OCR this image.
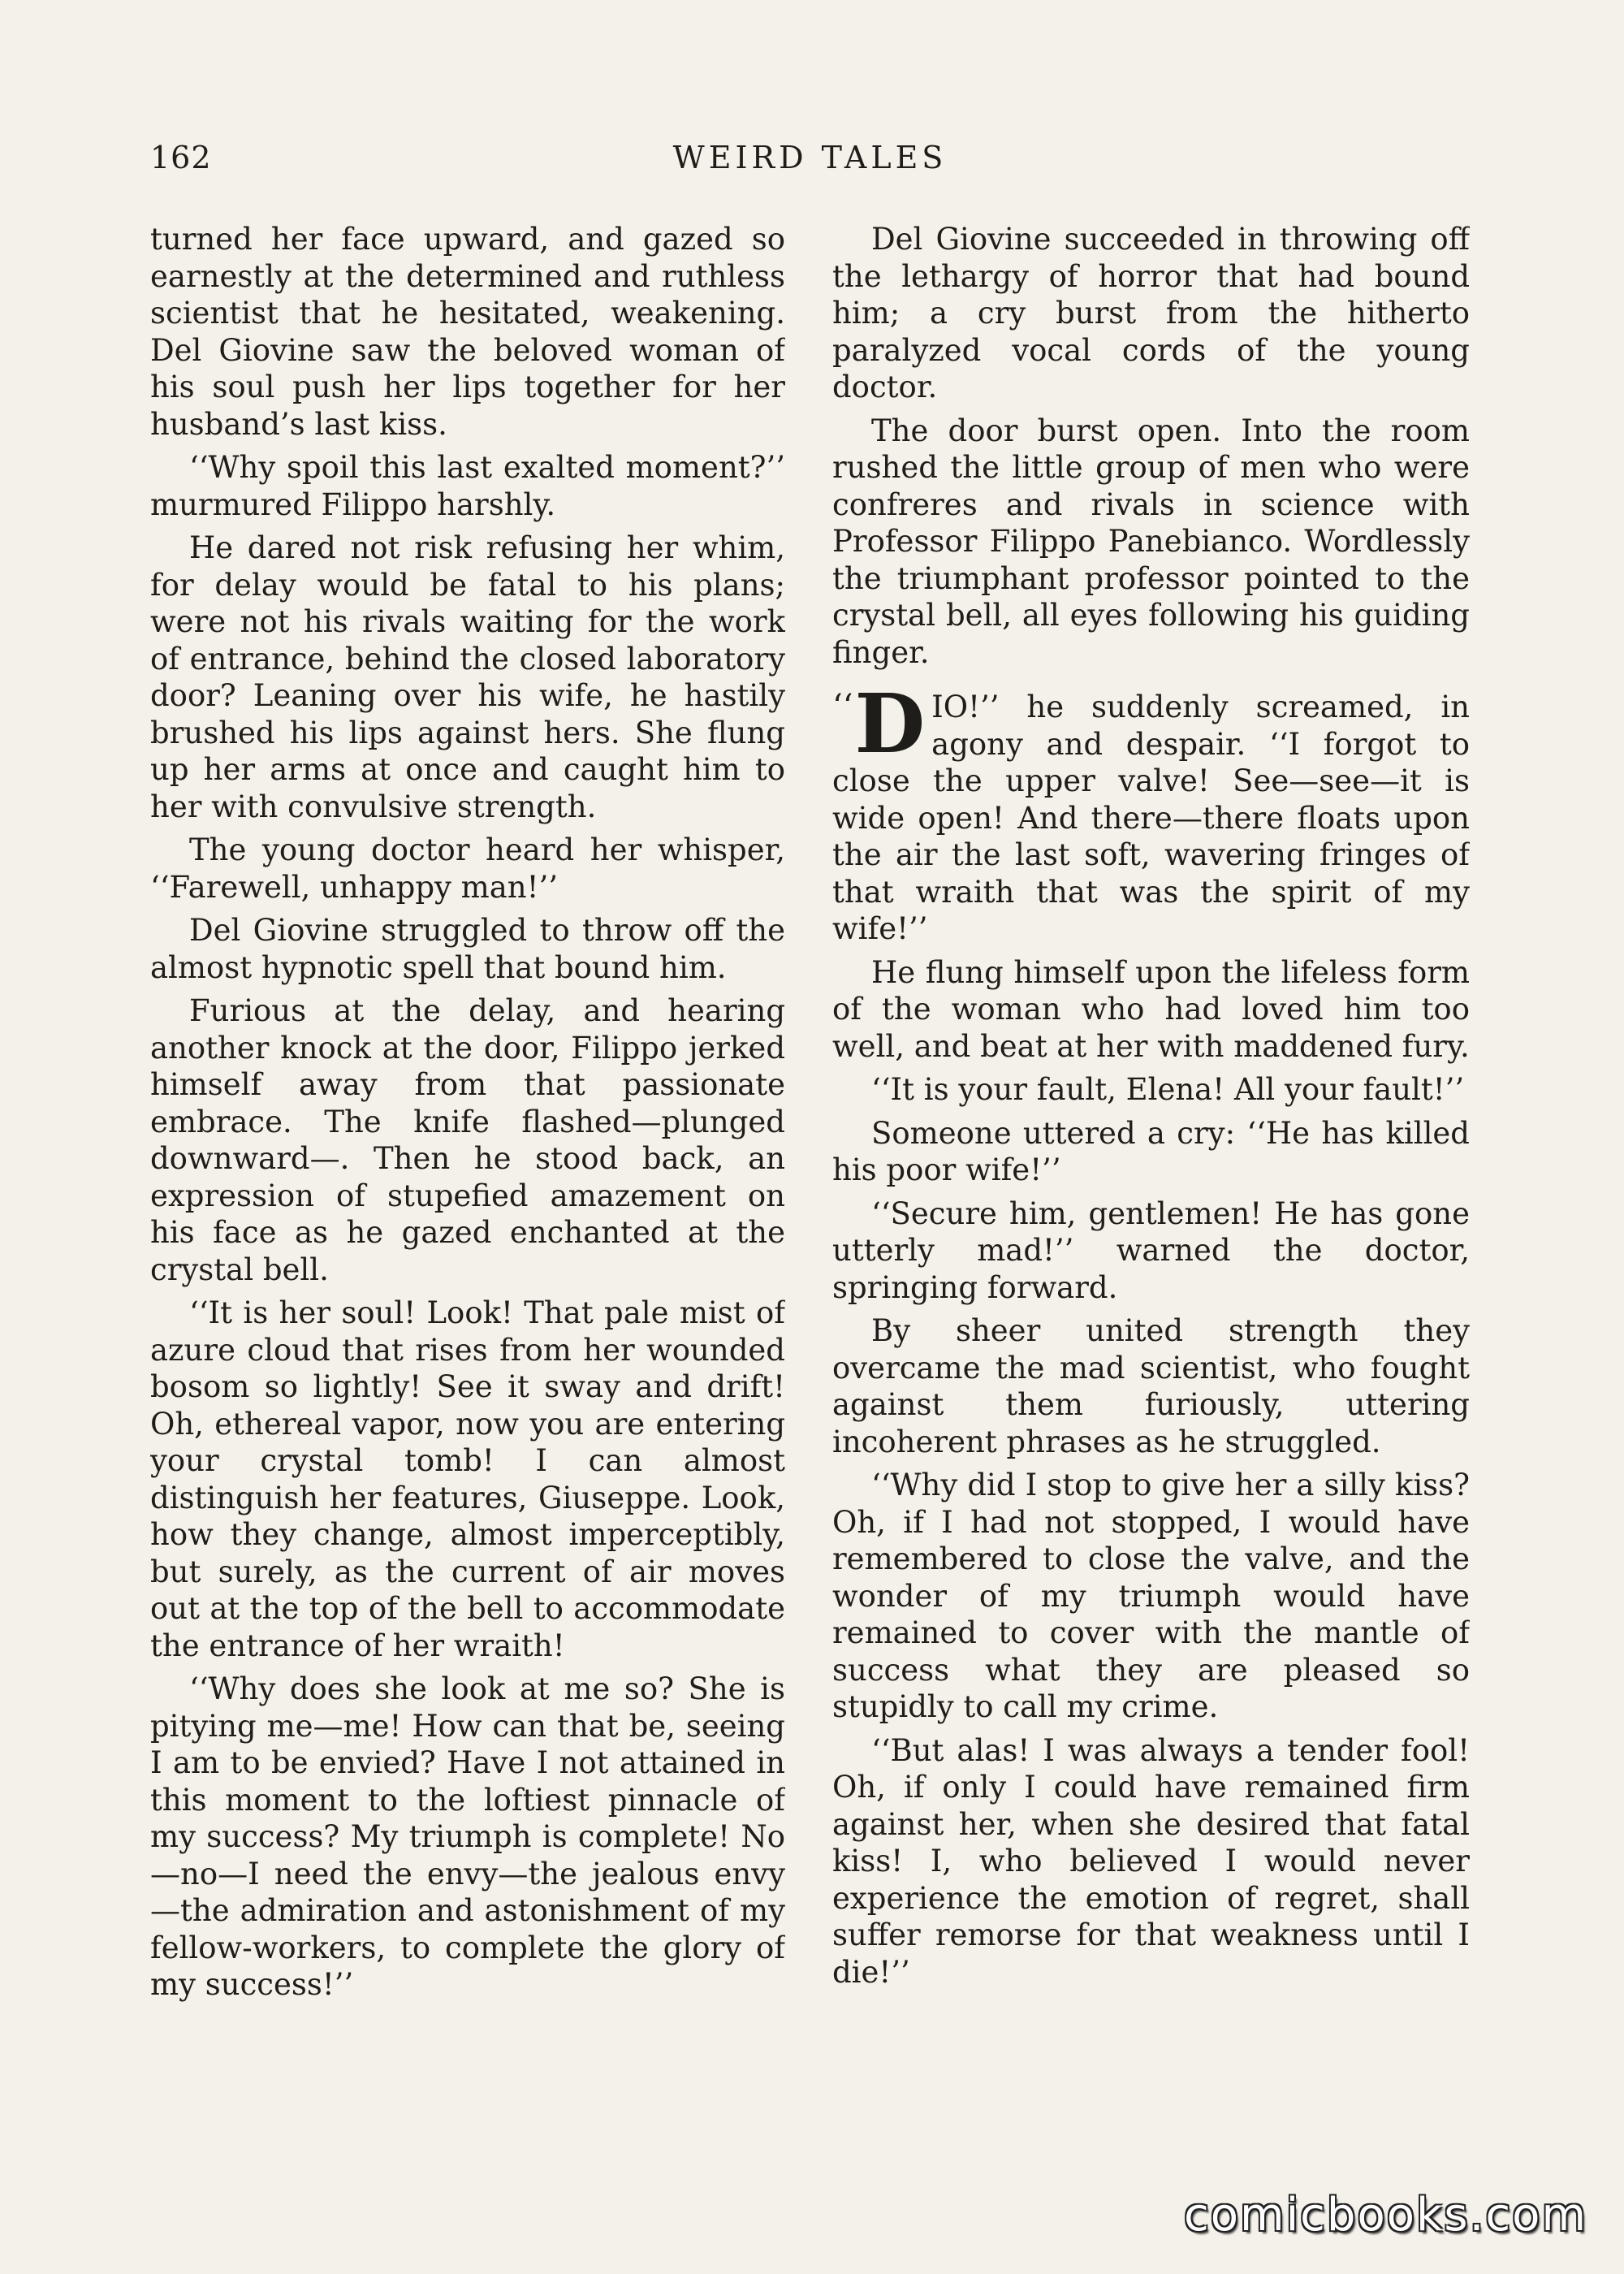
162	WEIRD TALES

turned her face upward, and gazed so earnestly at the determined and ruthless scientist that he hesitated, weakening. Del Giovine saw the beloved woman of his soul push her lips together for her husband’s last kiss.

‘‘Why spoil this last exalted moment?’’ murmured Filippo harshly.

He dared not risk refusing her whim, for delay would be fatal to his plans; were not his rivals waiting for the work of entrance, behind the closed laboratory door? Leaning over his wife, he hastily brushed his lips against hers. She flung up her arms at once and caught him to her with convulsive strength.

The young doctor heard her whisper, ‘‘Farewell, unhappy man!’’

Del Giovine struggled to throw off the almost hypnotic spell that bound him.

Furious at the delay, and hearing another knock at the door, Filippo jerked himself away from that passionate embrace. The knife flashed—plunged downward—. Then he stood back, an expression of stupefied amazement on his face as he gazed enchanted at the crystal bell.

‘‘It is her soul! Look! That pale mist of azure cloud that rises from her wounded bosom so lightly! See it sway and drift! Oh, ethereal vapor, now you are entering your crystal tomb! I can almost distinguish her features, Giuseppe. Look, how they change, almost imperceptibly, but surely, as the current of air moves out at the top of the bell to accommodate the entrance of her wraith!

‘‘Why does she look at me so? She is pitying me—me! How can that be, seeing I am to be envied? Have I not attained in this moment to the loftiest pinnacle of my success? My triumph is complete! No—no—I need the envy—the jealous envy—the admiration and astonishment of my fellow-workers, to complete the glory of my success!’’

Del Giovine succeeded in throwing off the lethargy of horror that had bound him; a cry burst from the hitherto paralyzed vocal cords of the young doctor.

The door burst open. Into the room rushed the little group of men who were confreres and rivals in science with Professor Filippo Panebianco. Wordlessly the triumphant professor pointed to the crystal bell, all eyes following his guiding finger.

‘‘ D IO!’’ he suddenly screamed, in agony and despair. ‘‘I forgot to close the upper valve! See—see—it is wide open! And there—there floats upon the air the last soft, wavering fringes of that wraith that was the spirit of my wife!’’

He flung himself upon the lifeless form of the woman who had loved him too well, and beat at her with maddened fury.

‘‘It is your fault, Elena! All your fault!’’

Someone uttered a cry: ‘‘He has killed his poor wife!’’

‘‘Secure him, gentlemen! He has gone utterly mad!’’ warned the doctor, springing forward.

By sheer united strength they overcame the mad scientist, who fought against them furiously, uttering incoherent phrases as he struggled.

‘‘Why did I stop to give her a silly kiss? Oh, if I had not stopped, I would have remembered to close the valve, and the wonder of my triumph would have remained to cover with the mantle of success what they are pleased so stupidly to call my crime.

‘‘But alas! I was always a tender fool! Oh, if only I could have remained firm against her, when she desired that fatal kiss! I, who believed I would never experience the emotion of regret, shall suffer remorse for that weakness until I die!’’

comicbooks.com
